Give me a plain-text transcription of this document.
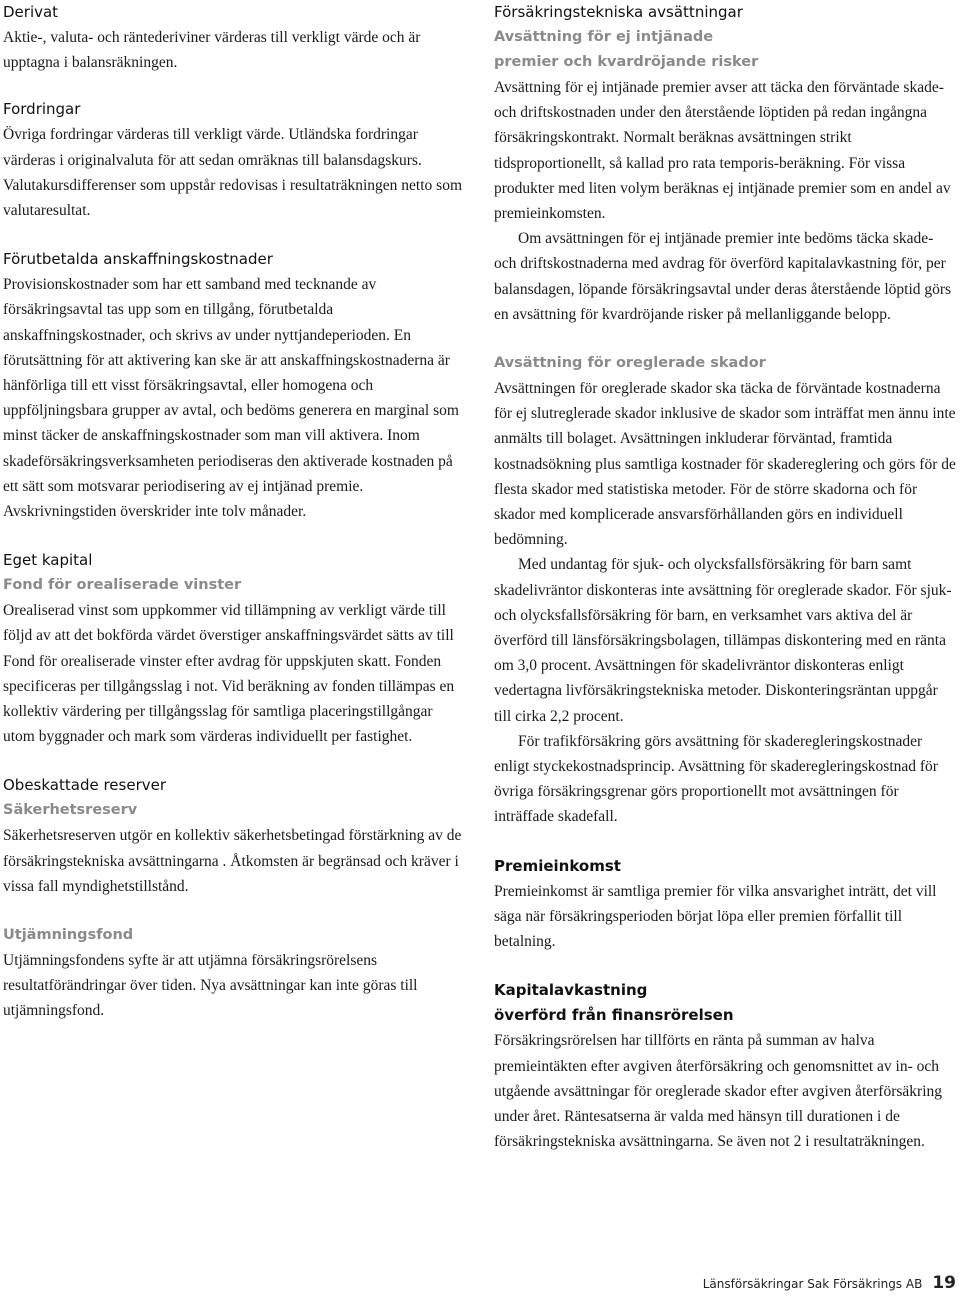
Derivat

Aktie-, valuta- och räntederiviner värderas till verkligt värde och är upptagna i balansräkningen.

Fordringar

Övriga fordringar värderas till verkligt värde. Utländska fordringar värderas i originalvaluta för att sedan omräknas till balansdagskurs. Valutakursdifferenser som uppstår redovisas i resultaträkningen netto som valutaresultat.

Förutbetalda anskaffningskostnader

Provisionskostnader som har ett samband med tecknande av försäkringsavtal tas upp som en tillgång, förutbetalda anskaffningskostnader, och skrivs av under nyttjandeperioden. En förutsättning för att aktivering kan ske är att anskaffningskostnaderna är hänförliga till ett visst försäkringsavtal, eller homogena och uppföljningsbara grupper av avtal, och bedöms generera en marginal som minst täcker de anskaffningskostnader som man vill aktivera. Inom skadeförsäkringsverksamheten periodiseras den aktiverade kostnaden på ett sätt som motsvarar periodisering av ej intjänad premie. Avskrivningstiden överskrider inte tolv månader.

Eget kapital
Fond för orealiserade vinster

Orealiserad vinst som uppkommer vid tillämpning av verkligt värde till följd av att det bokförda värdet överstiger anskaffningsvärdet sätts av till Fond för orealiserade vinster efter avdrag för uppskjuten skatt. Fonden specificeras per tillgångsslag i not. Vid beräkning av fonden tillämpas en kollektiv värdering per tillgångsslag för samtliga placeringstillgångar utom byggnader och mark som värderas individuellt per fastighet.

Obeskattade reserver
Säkerhetsreserv

Säkerhetsreserven utgör en kollektiv säkerhetsbetingad förstärkning av de försäkringstekniska avsättningarna . Åtkomsten är begränsad och kräver i vissa fall myndighetstillstånd.

Utjämningsfond

Utjämningsfondens syfte är att utjämna försäkringsrörelsens resultatförändringar över tiden. Nya avsättningar kan inte göras till utjämningsfond.

Försäkringstekniska avsättningar
Avsättning för ej intjänade
premier och kvardröjande risker

Avsättning för ej intjänade premier avser att täcka den förväntade skade- och driftskostnaden under den återstående löptiden på redan ingångna försäkringskontrakt. Normalt beräknas avsättningen strikt tidsproportionellt, så kallad pro rata temporis-beräkning. För vissa produkter med liten volym beräknas ej intjänade premier som en andel av premieinkomsten.

Om avsättningen för ej intjänade premier inte bedöms täcka skade- och driftskostnaderna med avdrag för överförd kapitalavkastning för, per balansdagen, löpande försäkringsavtal under deras återstående löptid görs en avsättning för kvardröjande risker på mellanliggande belopp.

Avsättning för oreglerade skador

Avsättningen för oreglerade skador ska täcka de förväntade kostnaderna för ej slutreglerade skador inklusive de skador som inträffat men ännu inte anmälts till bolaget. Avsättningen inkluderar förväntad, framtida kostnadsökning plus samtliga kostnader för skadereglering och görs för de flesta skador med statistiska metoder. För de större skadorna och för skador med komplicerade ansvarsförhållanden görs en individuell bedömning.

Med undantag för sjuk- och olycksfallsförsäkring för barn samt skadelivräntor diskonteras inte avsättning för oreglerade skador. För sjuk- och olycksfallsförsäkring för barn, en verksamhet vars aktiva del är överförd till länsförsäkringsbolagen, tillämpas diskontering med en ränta om 3,0 procent. Avsättningen för skadelivräntor diskonteras enligt vedertagna livförsäkringstekniska metoder. Diskonteringsräntan uppgår till cirka 2,2 procent.

För trafikförsäkring görs avsättning för skaderegleringskostnader enligt styckekostnadsprincip. Avsättning för skaderegleringskostnad för övriga försäkringsgrenar görs proportionellt mot avsättningen för inträffade skadefall.

Premieinkomst

Premieinkomst är samtliga premier för vilka ansvarighet inträtt, det vill säga när försäkringsperioden börjat löpa eller premien förfallit till betalning.

Kapitalavkastning
överförd från finansrörelsen

Försäkringsrörelsen har tillförts en ränta på summan av halva premieintäkten efter avgiven återförsäkring och genomsnittet av in- och utgående avsättningar för oreglerade skador efter avgiven återförsäkring under året. Räntesatserna är valda med hänsyn till durationen i de försäkringstekniska avsättningarna. Se även not 2 i resultaträkningen.

Länsförsäkringar Sak Försäkrings AB 19
